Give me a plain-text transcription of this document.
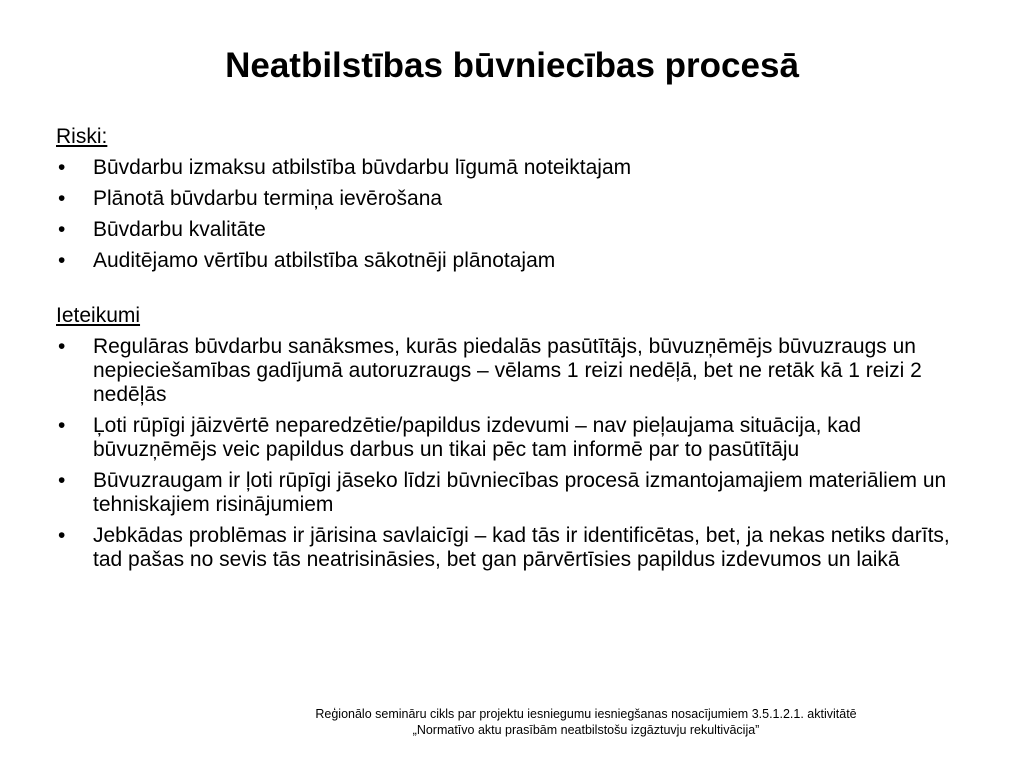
Neatbilstības būvniecības procesā
Riski:
• Būvdarbu izmaksu atbilstība būvdarbu līgumā noteiktajam
• Plānotā būvdarbu termiņa ievērošana
• Būvdarbu kvalitāte
• Auditējamo vērtību atbilstība sākotnēji plānotajam
Ieteikumi
• Regulāras būvdarbu sanāksmes, kurās piedalās pasūtītājs, būvuzņēmējs būvuzraugs un nepieciešamības gadījumā autoruzraugs – vēlams 1 reizi nedēļā, bet ne retāk kā 1 reizi 2 nedēļās
• Ļoti rūpīgi jāizvērtē neparedzētie/papildus izdevumi – nav pieļaujama situācija, kad būvuzņēmējs veic papildus darbus un tikai pēc tam informē par to pasūtītāju
• Būvuzraugam ir ļoti rūpīgi jāseko līdzi būvniecības procesā izmantojamajiem materiāliem un tehniskajiem risinājumiem
• Jebkādas problēmas ir jārisina savlaicīgi – kad tās ir identificētas, bet, ja nekas netiks darīts, tad pašas no sevis tās neatrisināsies, bet gan pārvērtīsies papildus izdevumos un laikā
Reģionālo semināru cikls par projektu iesniegumu iesniegšanas nosacījumiem 3.5.1.2.1. aktivitātē
„Normatīvo aktu prasībām neatbilstošu izgāztuvju rekultivācija”
